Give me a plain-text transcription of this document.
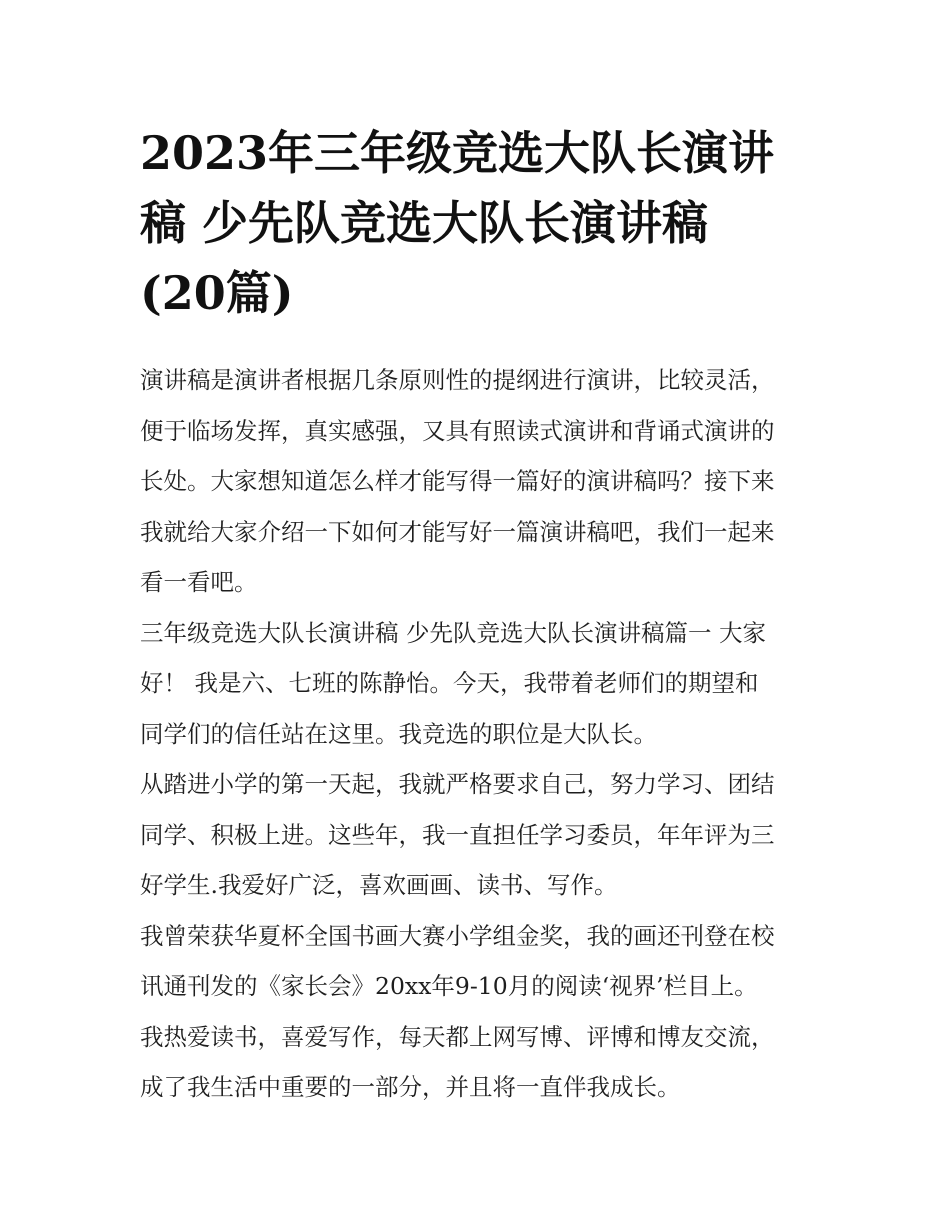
2023年三年级竞选大队长演讲
稿 少先队竞选大队长演讲稿
(20篇)
演讲稿是演讲者根据几条原则性的提纲进行演讲，比较灵活，
便于临场发挥，真实感强，又具有照读式演讲和背诵式演讲的
长处。大家想知道怎么样才能写得一篇好的演讲稿吗？接下来
我就给大家介绍一下如何才能写好一篇演讲稿吧，我们一起来
看一看吧。
三年级竞选大队长演讲稿 少先队竞选大队长演讲稿篇一 大家
好！ 我是六、七班的陈静怡。今天，我带着老师们的期望和
同学们的信任站在这里。我竞选的职位是大队长。
从踏进小学的第一天起，我就严格要求自己，努力学习、团结
同学、积极上进。这些年，我一直担任学习委员，年年评为三
好学生.我爱好广泛，喜欢画画、读书、写作。
我曾荣获华夏杯全国书画大赛小学组金奖，我的画还刊登在校
讯通刊发的《家长会》20xx年9-10月的阅读‘视界’栏目上。
我热爱读书，喜爱写作，每天都上网写博、评博和博友交流，
成了我生活中重要的一部分，并且将一直伴我成长。
